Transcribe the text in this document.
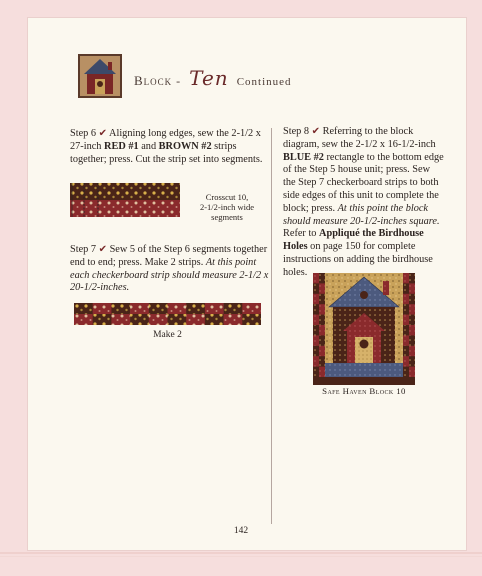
Block - Ten Continued

Step 6 ✔ Aligning long edges, sew the 2-1/2 x 27-inch RED #1 and BROWN #2 strips together; press. Cut the strip set into segments.

Crosscut 10,
2-1/2-inch wide
segments

Step 7 ✔ Sew 5 of the Step 6 segments together end to end; press. Make 2 strips. At this point each checkerboard strip should measure 2-1/2 x 20-1/2-inches.

Make 2

Step 8 ✔ Referring to the block diagram, sew the 2-1/2 x 16-1/2-inch BLUE #2 rectangle to the bottom edge of the Step 5 house unit; press. Sew the Step 7 checkerboard strips to both side edges of this unit to complete the block; press. At this point the block should measure 20-1/2-inches square. Refer to Appliqué the Birdhouse Holes on page 150 for complete instructions on adding the birdhouse holes.

Safe Haven Block 10
142
